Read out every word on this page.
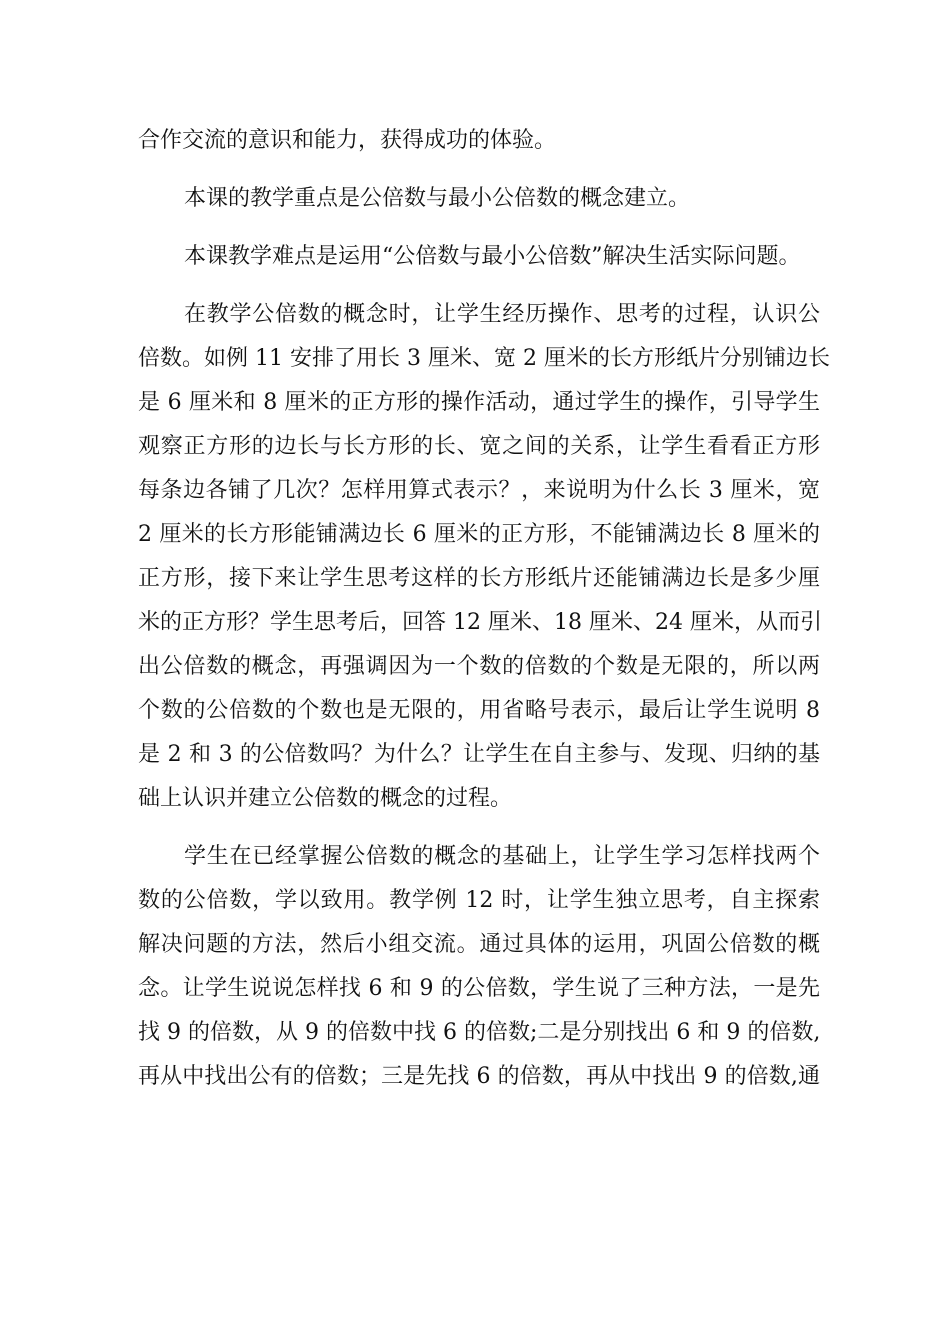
合作交流的意识和能力，获得成功的体验。
本课的教学重点是公倍数与最小公倍数的概念建立。
本课教学难点是运用“公倍数与最小公倍数”解决生活实际问题。
在教学公倍数的概念时，让学生经历操作、思考的过程，认识公
倍数。如例 11 安排了用长 3 厘米、宽 2 厘米的长方形纸片分别铺边长
是 6 厘米和 8 厘米的正方形的操作活动，通过学生的操作，引导学生
观察正方形的边长与长方形的长、宽之间的关系，让学生看看正方形
每条边各铺了几次？怎样用算式表示？，来说明为什么长 3 厘米，宽
2 厘米的长方形能铺满边长 6 厘米的正方形，不能铺满边长 8 厘米的
正方形，接下来让学生思考这样的长方形纸片还能铺满边长是多少厘
米的正方形？学生思考后，回答 12 厘米、18 厘米、24 厘米，从而引
出公倍数的概念，再强调因为一个数的倍数的个数是无限的，所以两
个数的公倍数的个数也是无限的，用省略号表示，最后让学生说明 8
是 2 和 3 的公倍数吗？为什么？让学生在自主参与、发现、归纳的基
础上认识并建立公倍数的概念的过程。
学生在已经掌握公倍数的概念的基础上，让学生学习怎样找两个
数的公倍数，学以致用。教学例 12 时，让学生独立思考，自主探索
解决问题的方法，然后小组交流。通过具体的运用，巩固公倍数的概
念。让学生说说怎样找 6 和 9 的公倍数，学生说了三种方法，一是先
找 9 的倍数，从 9 的倍数中找 6 的倍数;二是分别找出 6 和 9 的倍数,
再从中找出公有的倍数；三是先找 6 的倍数，再从中找出 9 的倍数,通
